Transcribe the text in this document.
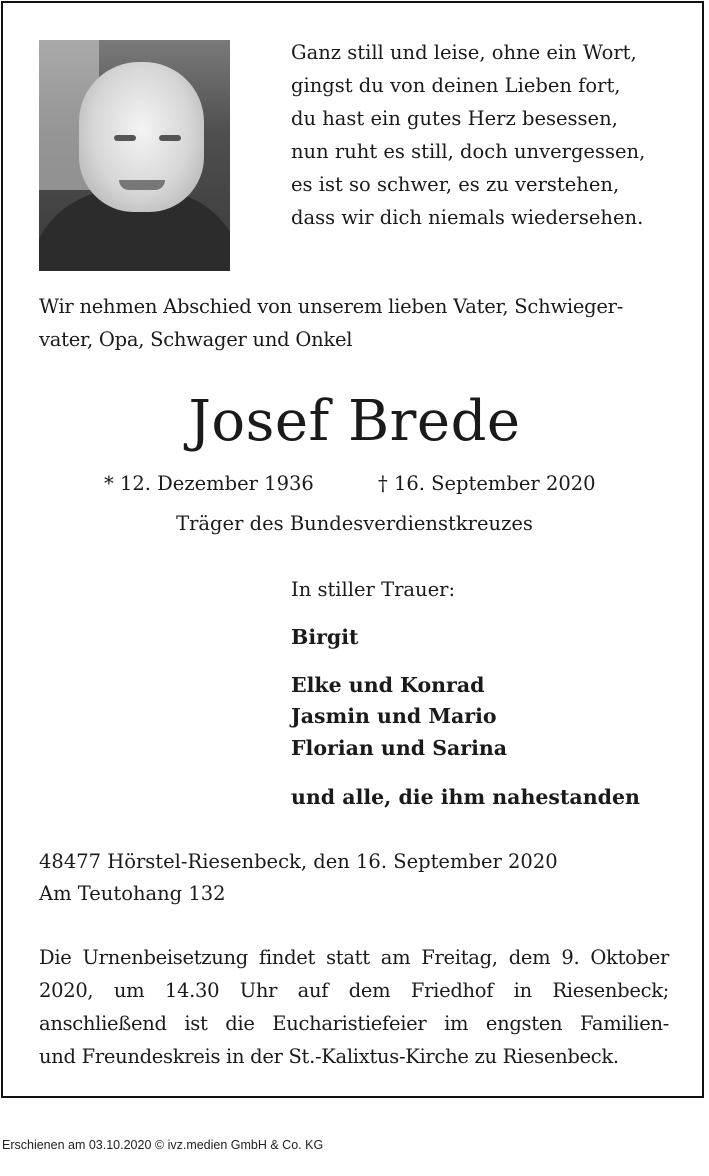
Ganz still und leise, ohne ein Wort,
gingst du von deinen Lieben fort,
du hast ein gutes Herz besessen,
nun ruht es still, doch unvergessen,
es ist so schwer, es zu verstehen,
dass wir dich niemals wiedersehen.
Wir nehmen Abschied von unserem lieben Vater, Schwieger-
vater, Opa, Schwager und Onkel
Josef Brede
* 12. Dezember 1936	† 16. September 2020
Träger des Bundesverdienstkreuzes
In stiller Trauer:
Birgit
Elke und Konrad
Jasmin und Mario
Florian und Sarina
und alle, die ihm nahestanden
48477 Hörstel-Riesenbeck, den 16. September 2020
Am Teutohang 132
Die Urnenbeisetzung findet statt am Freitag, dem 9. Oktober
2020, um 14.30 Uhr auf dem Friedhof in Riesenbeck;
anschließend ist die Eucharistiefeier im engsten Familien-
und Freundeskreis in der St.-Kalixtus-Kirche zu Riesenbeck.
Erschienen am 03.10.2020 © ivz.medien GmbH & Co. KG
